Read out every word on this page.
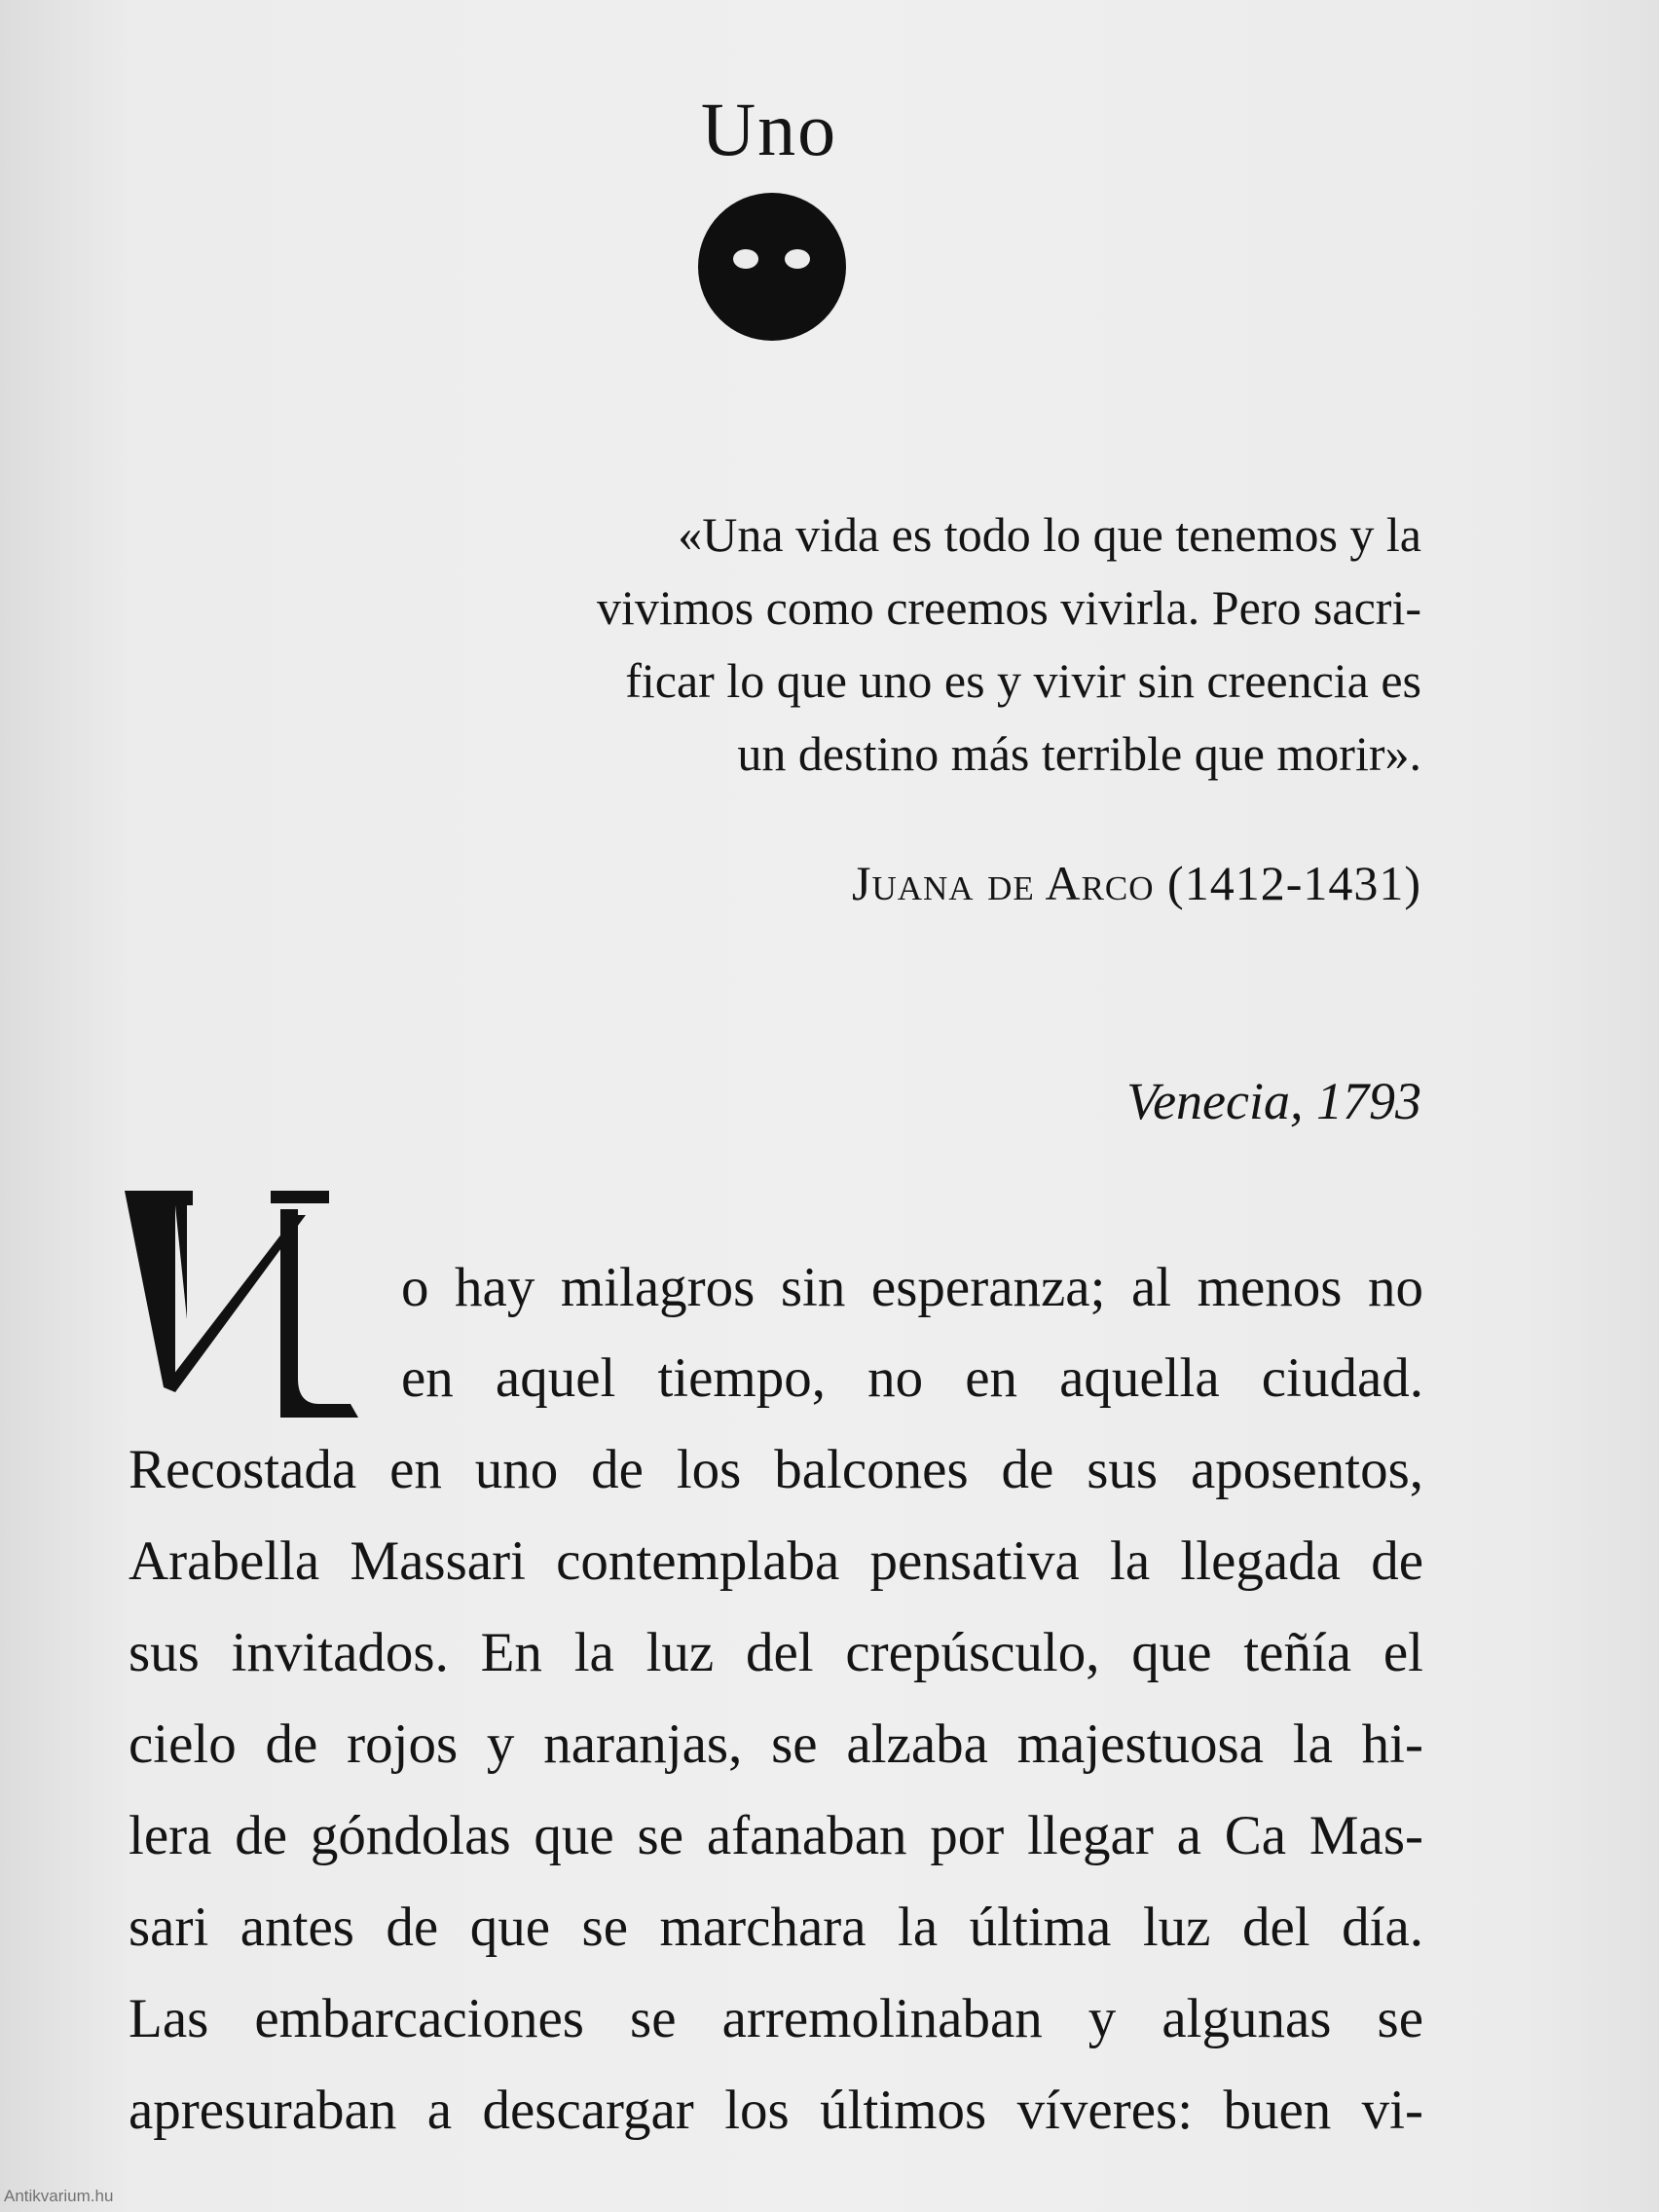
Uno
«Una vida es todo lo que tenemos y la
vivimos como creemos vivirla. Pero sacri-
ficar lo que uno es y vivir sin creencia es
un destino más terrible que morir».
Juana de Arco (1412-1431)
Venecia, 1793
o hay milagros sin esperanza; al menos no
en aquel tiempo, no en aquella ciudad.
Recostada en uno de los balcones de sus aposentos,
Arabella Massari contemplaba pensativa la llegada de
sus invitados. En la luz del crepúsculo, que teñía el
cielo de rojos y naranjas, se alzaba majestuosa la hi-
lera de góndolas que se afanaban por llegar a Ca Mas-
sari antes de que se marchara la última luz del día.
Las embarcaciones se arremolinaban y algunas se
apresuraban a descargar los últimos víveres: buen vi-
Antikvarium.hu
